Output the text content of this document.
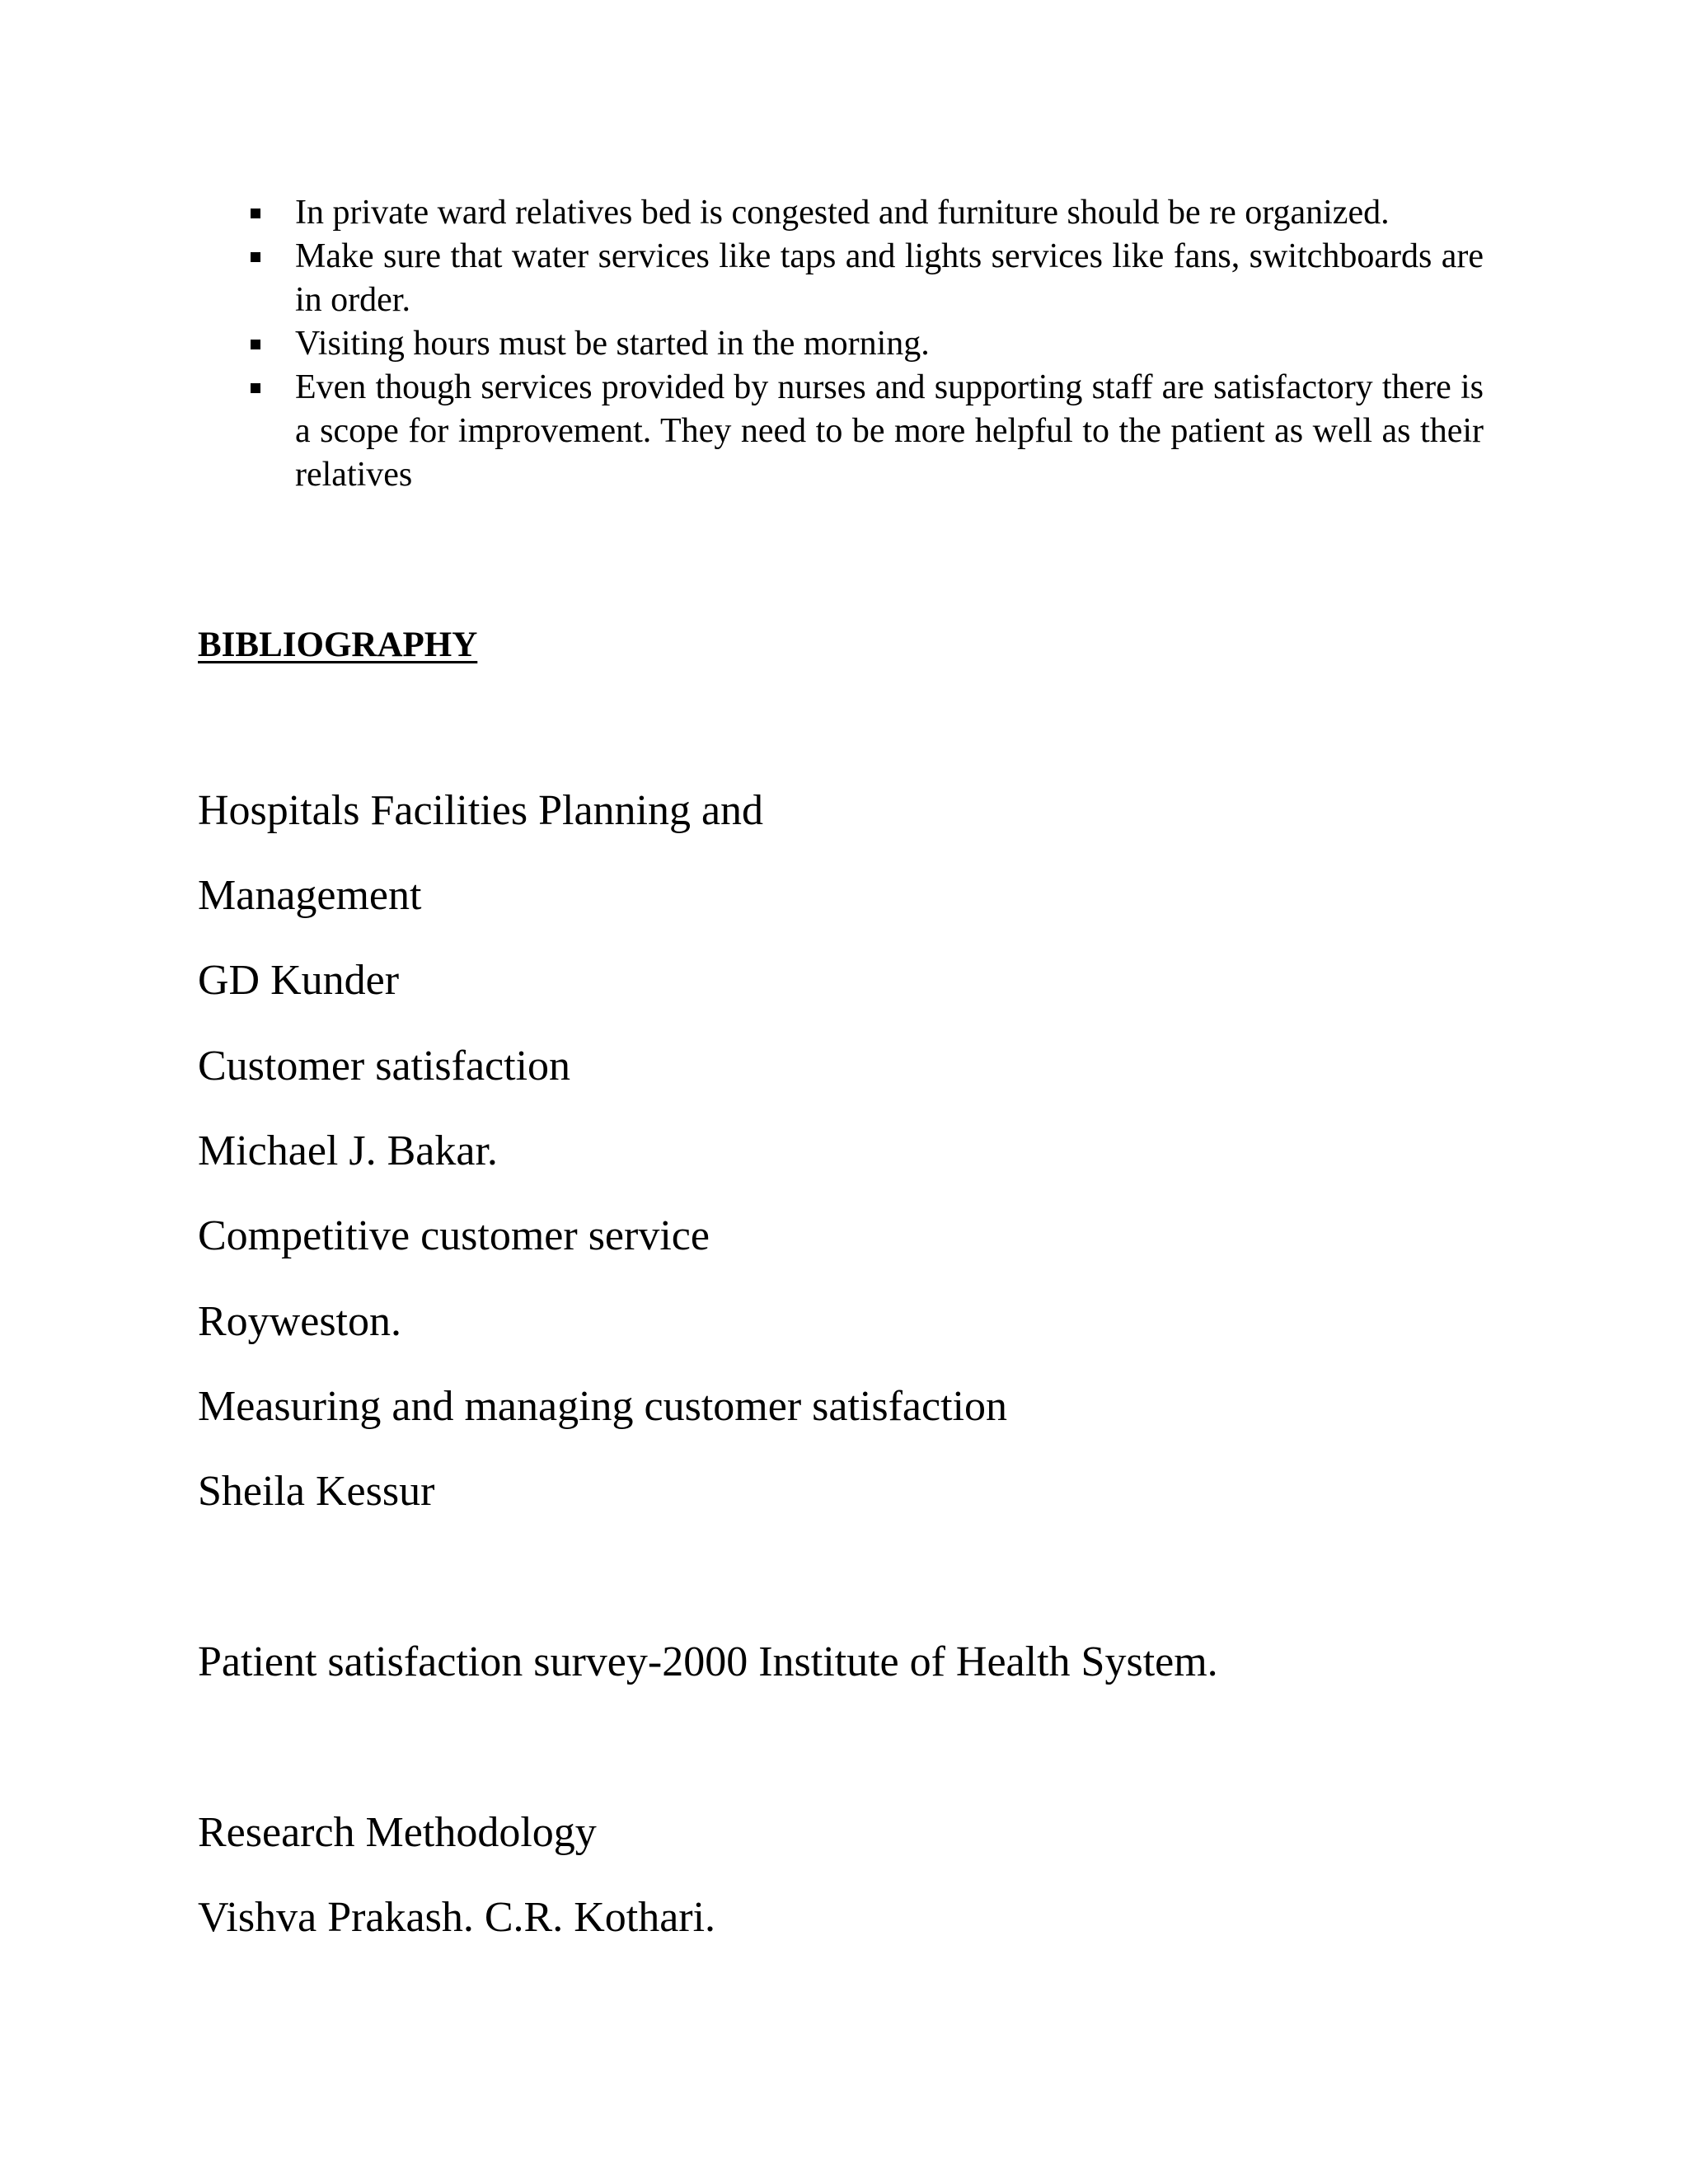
In private ward relatives bed is congested and furniture should be re organized.
Make sure that water services like taps and lights services like fans, switchboards are in order.
Visiting hours must be started in the morning.
Even though services provided by nurses and supporting staff are satisfactory there is a scope for improvement. They need to be more helpful to the patient as well as their relatives
BIBLIOGRAPHY
Hospitals Facilities Planning and
Management
GD Kunder
Customer satisfaction
Michael J. Bakar.
Competitive customer service
Royweston.
Measuring and managing customer satisfaction
Sheila Kessur
Patient satisfaction survey-2000 Institute of Health System.
Research Methodology
Vishva Prakash. C.R. Kothari.
